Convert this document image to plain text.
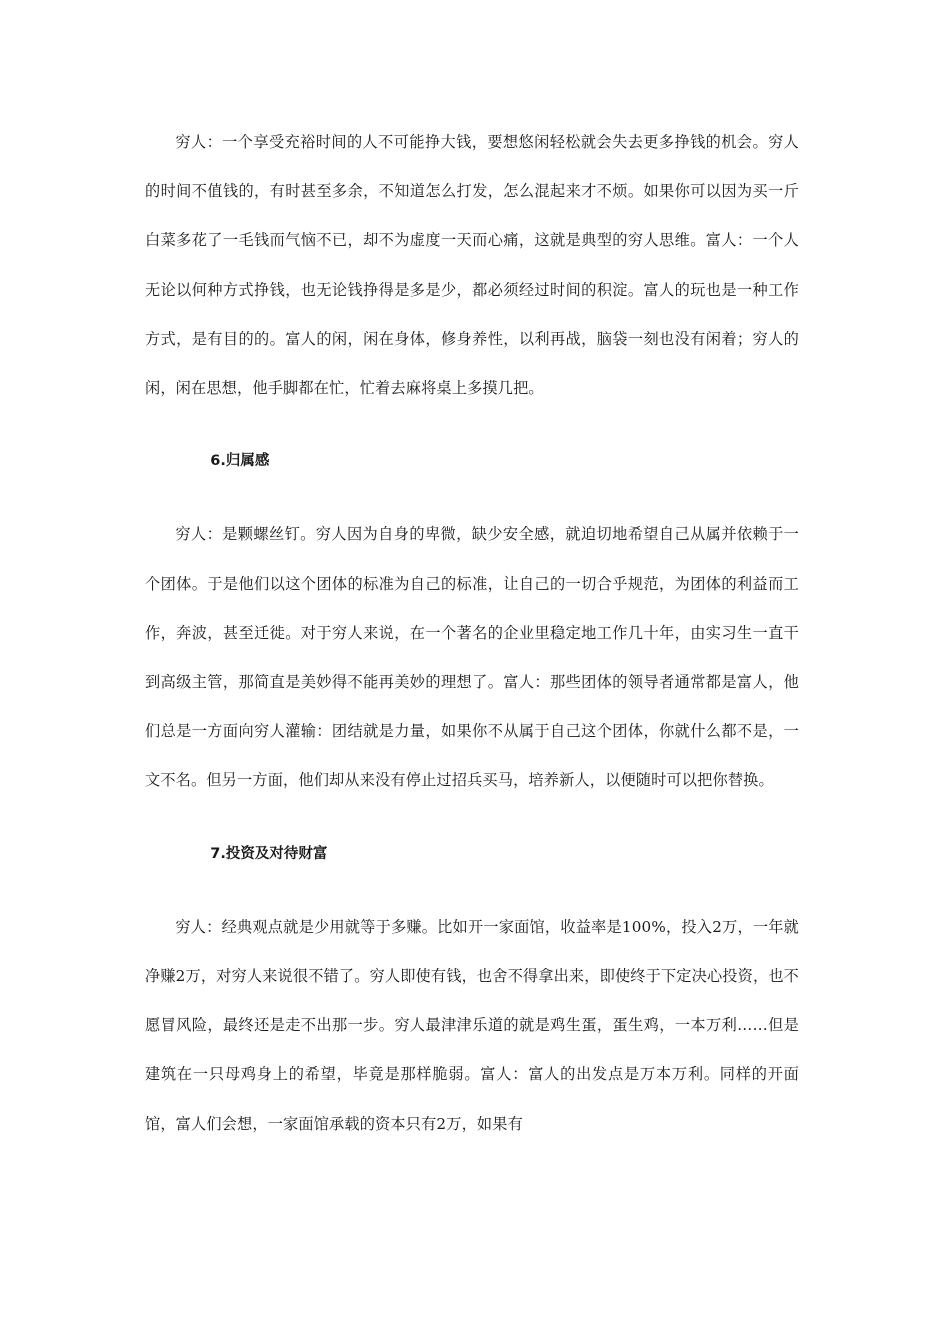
穷人：一个享受充裕时间的人不可能挣大钱，要想悠闲轻松就会失去更多挣钱的机会。穷人的时间不值钱的，有时甚至多余，不知道怎么打发，怎么混起来才不烦。如果你可以因为买一斤白菜多花了一毛钱而气恼不已，却不为虚度一天而心痛，这就是典型的穷人思维。富人：一个人无论以何种方式挣钱，也无论钱挣得是多是少，都必须经过时间的积淀。富人的玩也是一种工作方式，是有目的的。富人的闲，闲在身体，修身养性，以利再战，脑袋一刻也没有闲着；穷人的闲，闲在思想，他手脚都在忙，忙着去麻将桌上多摸几把。

6.归属感

穷人：是颗螺丝钉。穷人因为自身的卑微，缺少安全感，就迫切地希望自己从属并依赖于一个团体。于是他们以这个团体的标准为自己的标准，让自己的一切合乎规范，为团体的利益而工作，奔波，甚至迁徙。对于穷人来说，在一个著名的企业里稳定地工作几十年，由实习生一直干到高级主管，那简直是美妙得不能再美妙的理想了。富人：那些团体的领导者通常都是富人，他们总是一方面向穷人灌输：团结就是力量，如果你不从属于自己这个团体，你就什么都不是，一文不名。但另一方面，他们却从来没有停止过招兵买马，培养新人，以便随时可以把你替换。

7.投资及对待财富

穷人：经典观点就是少用就等于多赚。比如开一家面馆，收益率是100%，投入2万，一年就净赚2万，对穷人来说很不错了。穷人即使有钱，也舍不得拿出来，即使终于下定决心投资，也不愿冒风险，最终还是走不出那一步。穷人最津津乐道的就是鸡生蛋，蛋生鸡，一本万利……但是建筑在一只母鸡身上的希望，毕竟是那样脆弱。富人：富人的出发点是万本万利。同样的开面馆，富人们会想，一家面馆承载的资本只有2万，如果有
